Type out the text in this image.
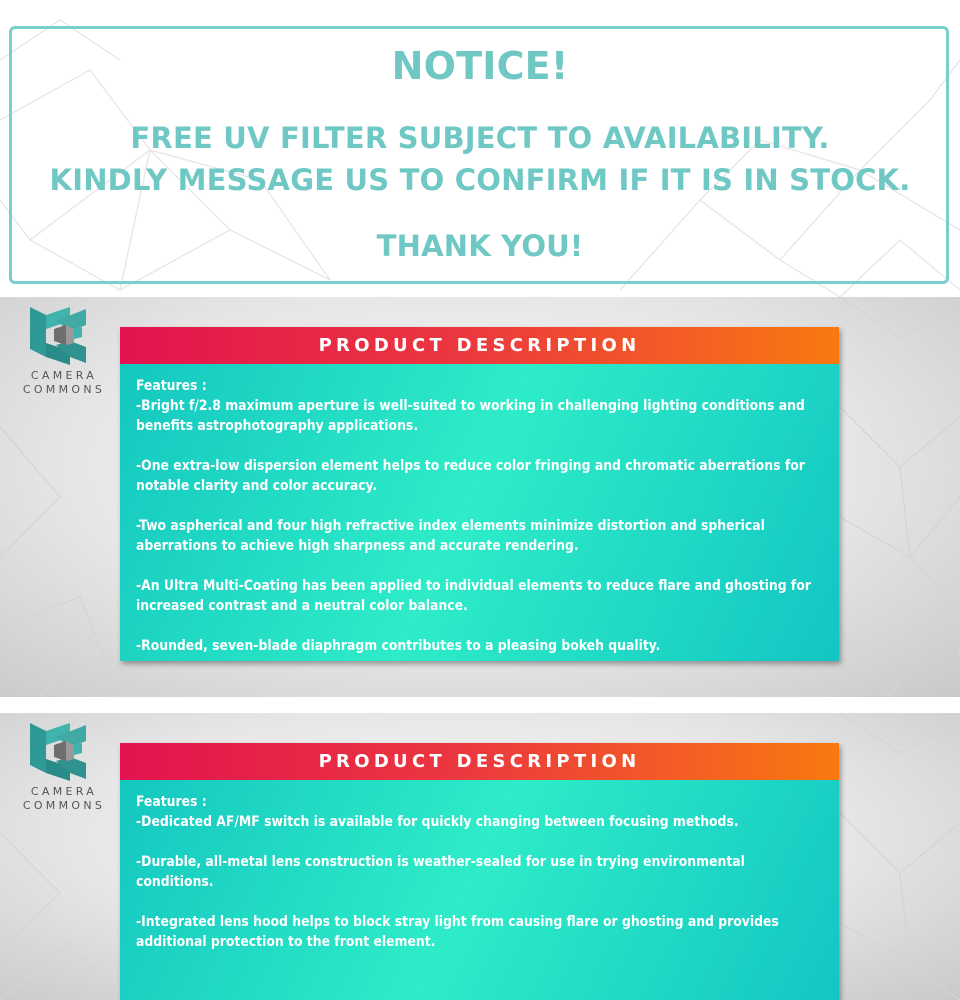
NOTICE!
FREE UV FILTER SUBJECT TO AVAILABILITY.
KINDLY MESSAGE US TO CONFIRM IF IT IS IN STOCK.
THANK YOU!
CAMERA
COMMONS
PRODUCT DESCRIPTION
Features :
-Bright f/2.8 maximum aperture is well-suited to working in challenging lighting conditions and benefits astrophotography applications.
-One extra-low dispersion element helps to reduce color fringing and chromatic aberrations for notable clarity and color accuracy.
-Two aspherical and four high refractive index elements minimize distortion and spherical aberrations to achieve high sharpness and accurate rendering.
-An Ultra Multi-Coating has been applied to individual elements to reduce flare and ghosting for increased contrast and a neutral color balance.
-Rounded, seven-blade diaphragm contributes to a pleasing bokeh quality.
CAMERA
COMMONS
PRODUCT DESCRIPTION
Features :
-Dedicated AF/MF switch is available for quickly changing between focusing methods.
-Durable, all-metal lens construction is weather-sealed for use in trying environmental conditions.
-Integrated lens hood helps to block stray light from causing flare or ghosting and provides additional protection to the front element.
